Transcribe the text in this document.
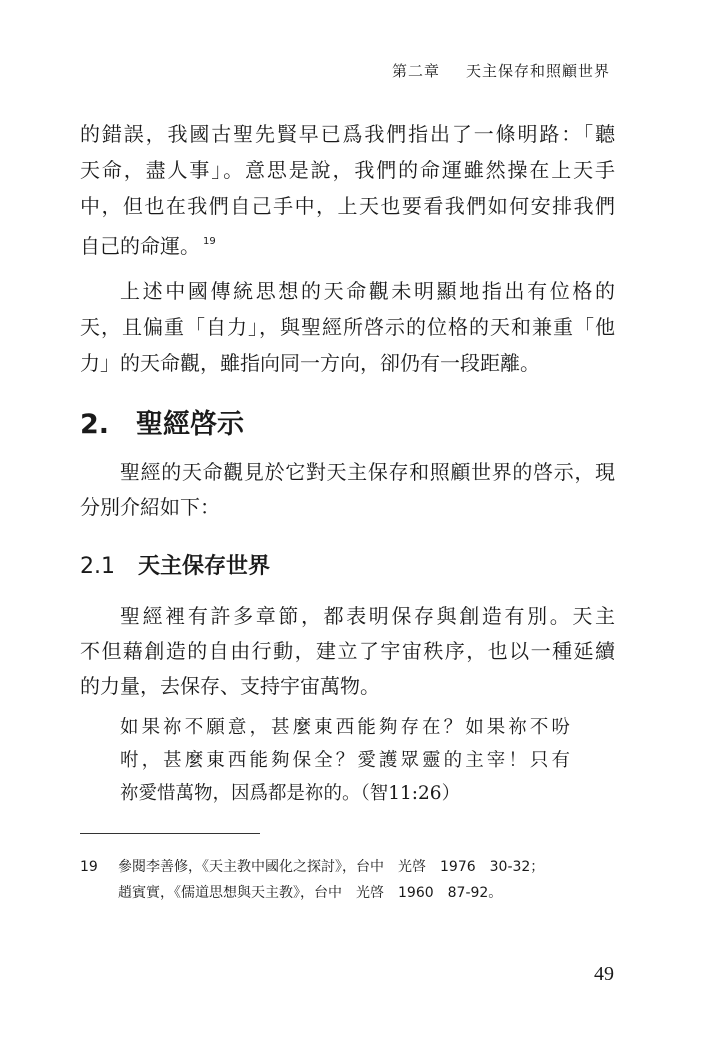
第二章 天主保存和照顧世界
的錯誤，我國古聖先賢早已爲我們指出了一條明路：「聽
天命，盡人事」。意思是說，我們的命運雖然操在上天手
中，但也在我們自己手中，上天也要看我們如何安排我們
自己的命運。 $^{19}$
上述中國傳統思想的天命觀未明顯地指出有位格的
天，且偏重「自力」，與聖經所啓示的位格的天和兼重「他
力」的天命觀，雖指向同一方向，卻仍有一段距離。
2. 聖經啓示
聖經的天命觀見於它對天主保存和照顧世界的啓示，現
分別介紹如下：
2.1 天主保存世界
聖經裡有許多章節，都表明保存與創造有別。天主
不但藉創造的自由行動，建立了宇宙秩序，也以一種延續
的力量，去保存、支持宇宙萬物。
如果祢不願意，甚麼東西能夠存在？如果祢不吩
咐，甚麼東西能夠保全？愛護眾靈的主宰！只有
祢愛惜萬物，因爲都是祢的。（智11:26）
19 參閱李善修，《天主教中國化之探討》，台中　光啓　1976　30-32；
趙賓實，《儒道思想與天主教》，台中　光啓　1960　87-92。
49
